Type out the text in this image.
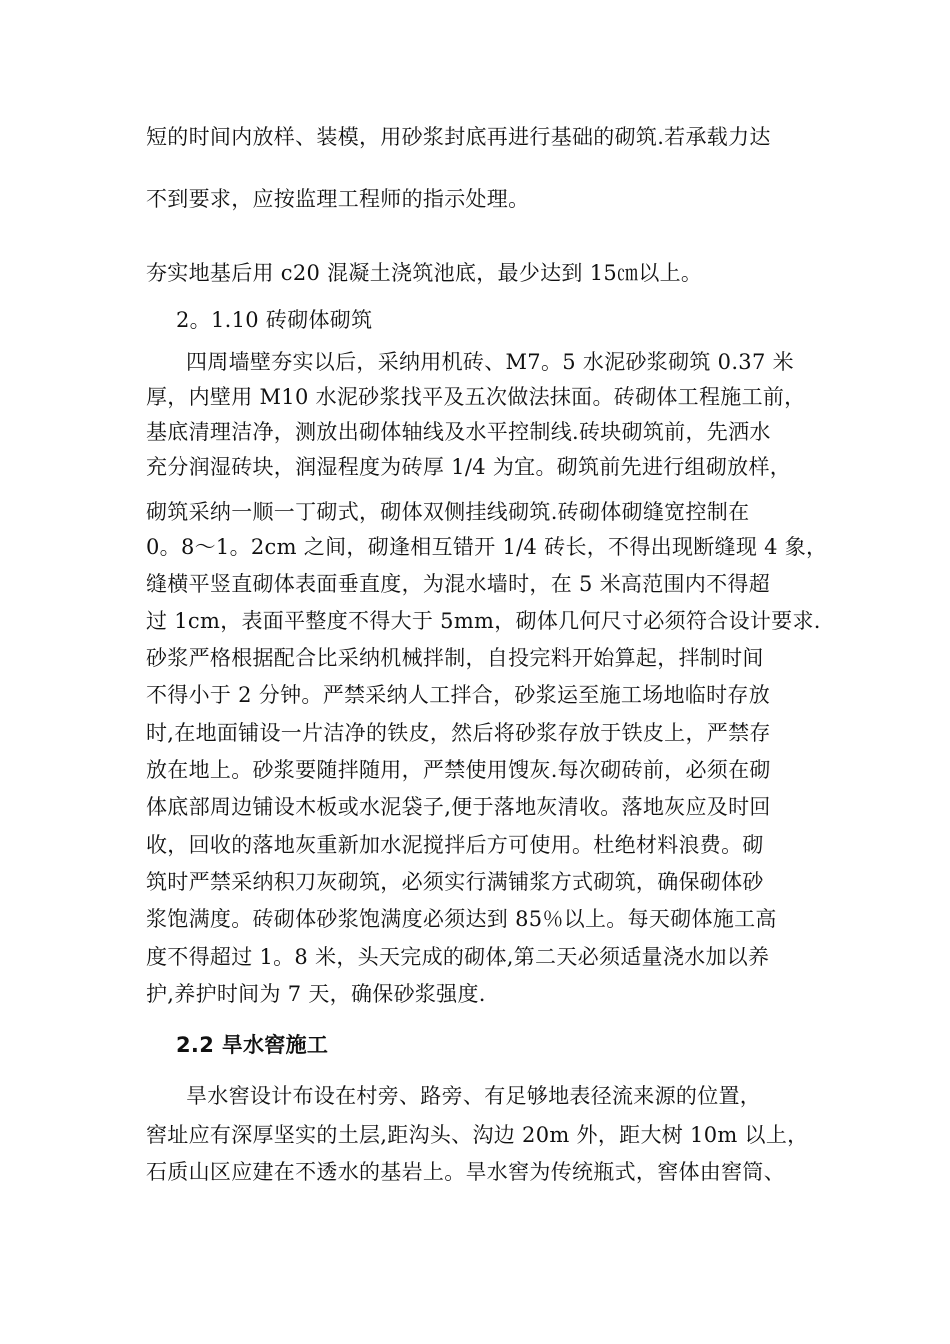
短的时间内放样、装模，用砂浆封底再进行基础的砌筑.若承载力达
不到要求，应按监理工程师的指示处理。
夯实地基后用 c20 混凝土浇筑池底，最少达到 15㎝以上。
2。1.10 砖砌体砌筑
四周墙壁夯实以后，采纳用机砖、M7。5 水泥砂浆砌筑 0.37 米
厚，内壁用 M10 水泥砂浆找平及五次做法抹面。砖砌体工程施工前，
基底清理洁净，测放出砌体轴线及水平控制线.砖块砌筑前，先洒水
充分润湿砖块，润湿程度为砖厚 1/4 为宜。砌筑前先进行组砌放样，
砌筑采纳一顺一丁砌式，砌体双侧挂线砌筑.砖砌体砌缝宽控制在
0。8～1。2cm 之间，砌逢相互错开 1/4 砖长，不得出现断缝现 4 象，
缝横平竖直砌体表面垂直度，为混水墙时，在 5 米高范围内不得超
过 1cm，表面平整度不得大于 5mm，砌体几何尺寸必须符合设计要求.
砂浆严格根据配合比采纳机械拌制，自投完料开始算起，拌制时间
不得小于 2 分钟。严禁采纳人工拌合，砂浆运至施工场地临时存放
时,在地面铺设一片洁净的铁皮，然后将砂浆存放于铁皮上，严禁存
放在地上。砂浆要随拌随用，严禁使用馊灰.每次砌砖前，必须在砌
体底部周边铺设木板或水泥袋子,便于落地灰清收。落地灰应及时回
收，回收的落地灰重新加水泥搅拌后方可使用。杜绝材料浪费。砌
筑时严禁采纳积刀灰砌筑，必须实行满铺浆方式砌筑，确保砌体砂
浆饱满度。砖砌体砂浆饱满度必须达到 85％以上。每天砌体施工高
度不得超过 1。8 米，头天完成的砌体,第二天必须适量浇水加以养
护,养护时间为 7 天，确保砂浆强度.
2.2 旱水窖施工
旱水窖设计布设在村旁、路旁、有足够地表径流来源的位置，
窖址应有深厚坚实的土层,距沟头、沟边 20m 外，距大树 10m 以上，
石质山区应建在不透水的基岩上。旱水窖为传统瓶式，窖体由窖筒、
